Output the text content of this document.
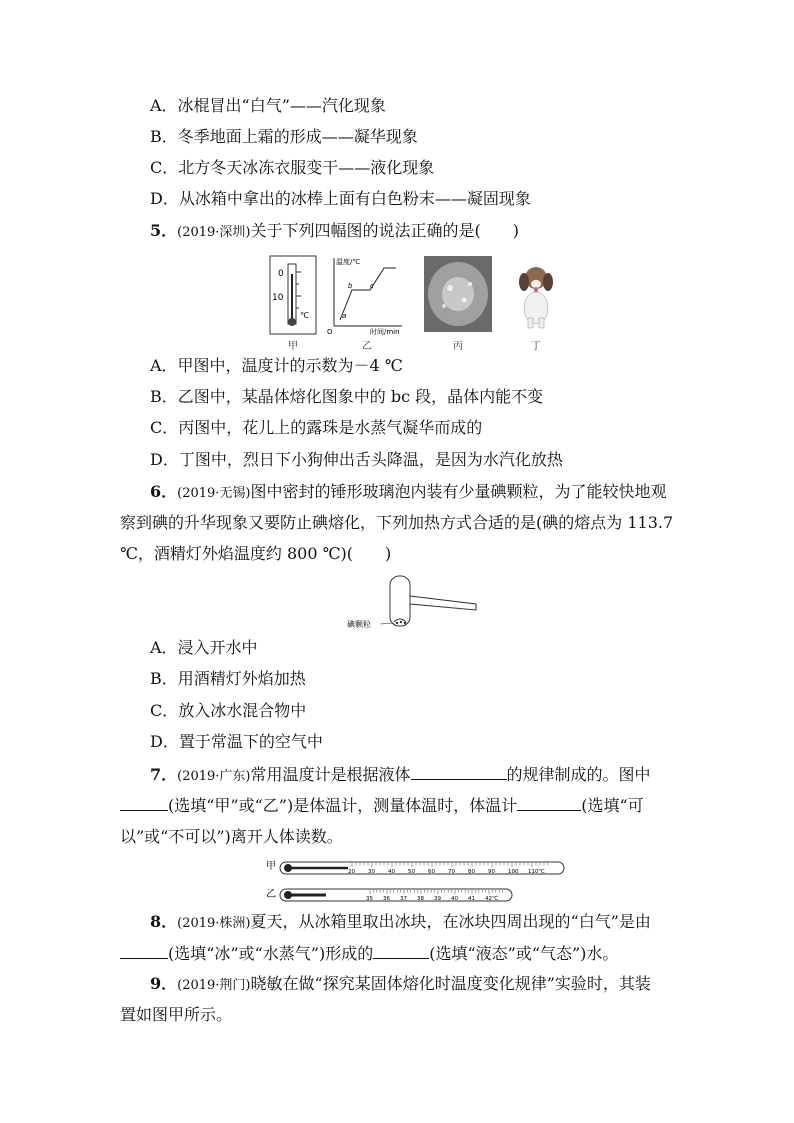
A．冰棍冒出“白气”——汽化现象
B．冬季地面上霜的形成——凝华现象
C．北方冬天冰冻衣服变干——液化现象
D．从冰箱中拿出的冰棒上面有白色粉末——凝固现象
5．(2019·深圳)关于下列四幅图的说法正确的是(　　)
0
10
℃
温度/℃
时间/min
a
b	c
O
甲	乙	丙	丁
A．甲图中，温度计的示数为－4 ℃
B．乙图中，某晶体熔化图象中的 bc 段，晶体内能不变
C．丙图中，花儿上的露珠是水蒸气凝华而成的
D．丁图中，烈日下小狗伸出舌头降温，是因为水汽化放热
6．(2019·无锡)图中密封的锤形玻璃泡内装有少量碘颗粒，为了能较快地观
察到碘的升华现象又要防止碘熔化，下列加热方式合适的是(碘的熔点为 113.7
℃，酒精灯外焰温度约 800 ℃)(　　)
碘颗粒
A．浸入开水中
B．用酒精灯外焰加热
C．放入冰水混合物中
D．置于常温下的空气中
7．(2019·广东)常用温度计是根据液体	的规律制成的。图中
(选填“甲”或“乙”)是体温计，测量体温时，体温计	(选填“可
以”或“不可以”)离开人体读数。
甲	20 30 40 50 60 70 80 90 100 110℃
乙	35 36 37 38 39 40 41 42℃
8．(2019·株洲)夏天，从冰箱里取出冰块，在冰块四周出现的“白气”是由
(选填“冰”或“水蒸气”)形成的	(选填“液态”或“气态”)水。
9．(2019·荆门)晓敏在做“探究某固体熔化时温度变化规律”实验时，其装
置如图甲所示。
